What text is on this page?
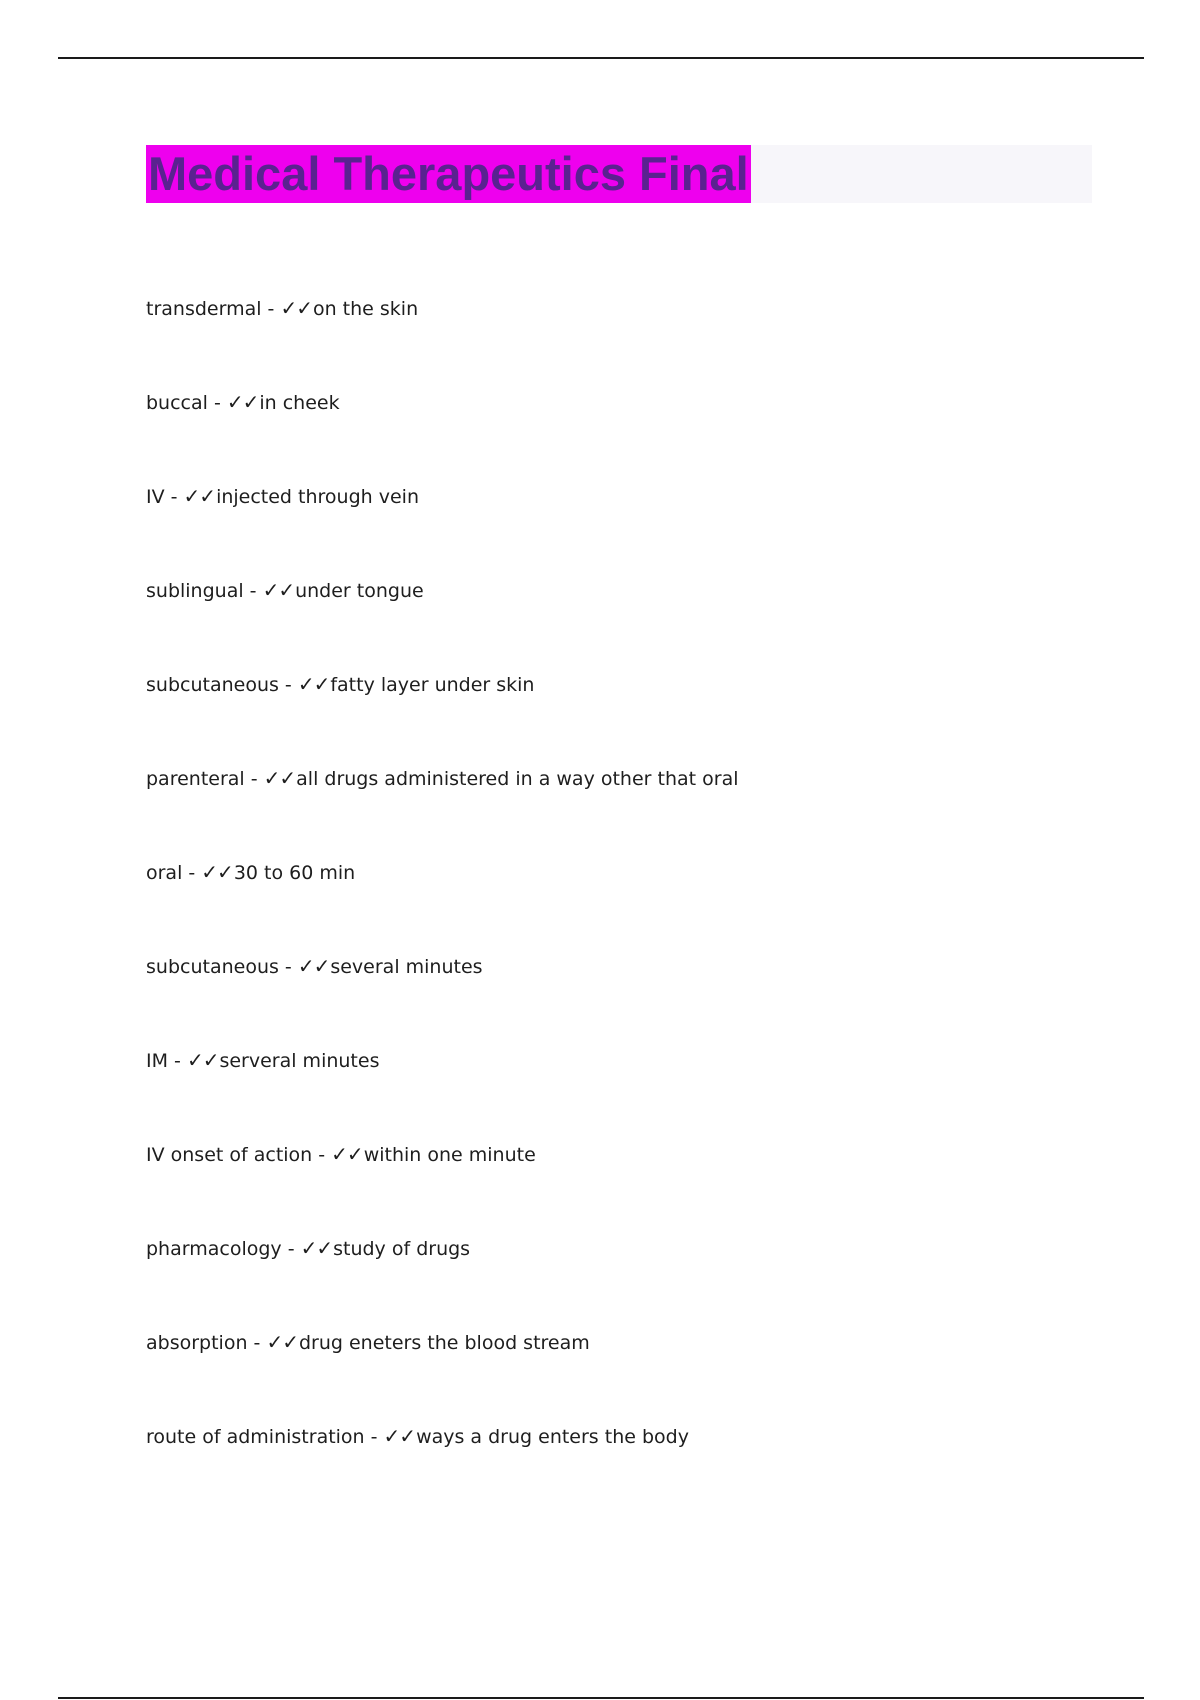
Medical Therapeutics Final
transdermal - ✓✓on the skin
buccal - ✓✓in cheek
IV - ✓✓injected through vein
sublingual - ✓✓under tongue
subcutaneous - ✓✓fatty layer under skin
parenteral - ✓✓all drugs administered in a way other that oral
oral - ✓✓30 to 60 min
subcutaneous - ✓✓several minutes
IM - ✓✓serveral minutes
IV onset of action - ✓✓within one minute
pharmacology - ✓✓study of drugs
absorption - ✓✓drug eneters the blood stream
route of administration - ✓✓ways a drug enters the body
